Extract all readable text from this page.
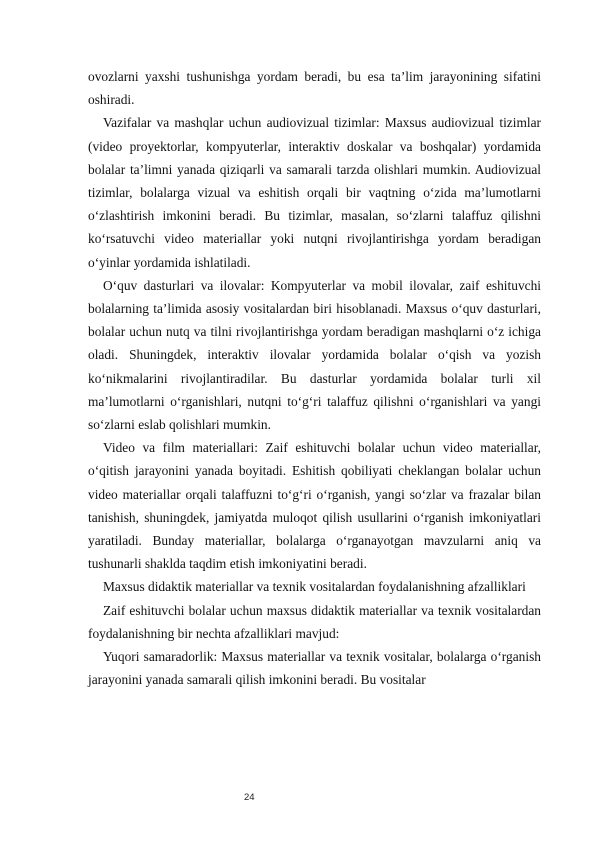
ovozlarni yaxshi tushunishga yordam beradi, bu esa ta’lim jarayonining sifatini oshiradi.

Vazifalar va mashqlar uchun audiovizual tizimlar: Maxsus audiovizual tizimlar (video proyektorlar, kompyuterlar, interaktiv doskalar va boshqalar) yordamida bolalar ta’limni yanada qiziqarli va samarali tarzda olishlari mumkin. Audiovizual tizimlar, bolalarga vizual va eshitish orqali bir vaqtning o‘zida ma’lumotlarni o‘zlashtirish imkonini beradi. Bu tizimlar, masalan, so‘zlarni talaffuz qilishni ko‘rsatuvchi video materiallar yoki nutqni rivojlantirishga yordam beradigan o‘yinlar yordamida ishlatiladi.

O‘quv dasturlari va ilovalar: Kompyuterlar va mobil ilovalar, zaif eshituvchi bolalarning ta’limida asosiy vositalardan biri hisoblanadi. Maxsus o‘quv dasturlari, bolalar uchun nutq va tilni rivojlantirishga yordam beradigan mashqlarni o‘z ichiga oladi. Shuningdek, interaktiv ilovalar yordamida bolalar o‘qish va yozish ko‘nikmalarini rivojlantiradilar. Bu dasturlar yordamida bolalar turli xil ma’lumotlarni o‘rganishlari, nutqni to‘g‘ri talaffuz qilishni o‘rganishlari va yangi so‘zlarni eslab qolishlari mumkin.

Video va film materiallari: Zaif eshituvchi bolalar uchun video materiallar, o‘qitish jarayonini yanada boyitadi. Eshitish qobiliyati cheklangan bolalar uchun video materiallar orqali talaffuzni to‘g‘ri o‘rganish, yangi so‘zlar va frazalar bilan tanishish, shuningdek, jamiyatda muloqot qilish usullarini o‘rganish imkoniyatlari yaratiladi. Bunday materiallar, bolalarga o‘rganayotgan mavzularni aniq va tushunarli shaklda taqdim etish imkoniyatini beradi.

Maxsus didaktik materiallar va texnik vositalardan foydalanishning afzalliklari

Zaif eshituvchi bolalar uchun maxsus didaktik materiallar va texnik vositalardan foydalanishning bir nechta afzalliklari mavjud:

Yuqori samaradorlik: Maxsus materiallar va texnik vositalar, bolalarga o‘rganish jarayonini yanada samarali qilish imkonini beradi. Bu vositalar

24
